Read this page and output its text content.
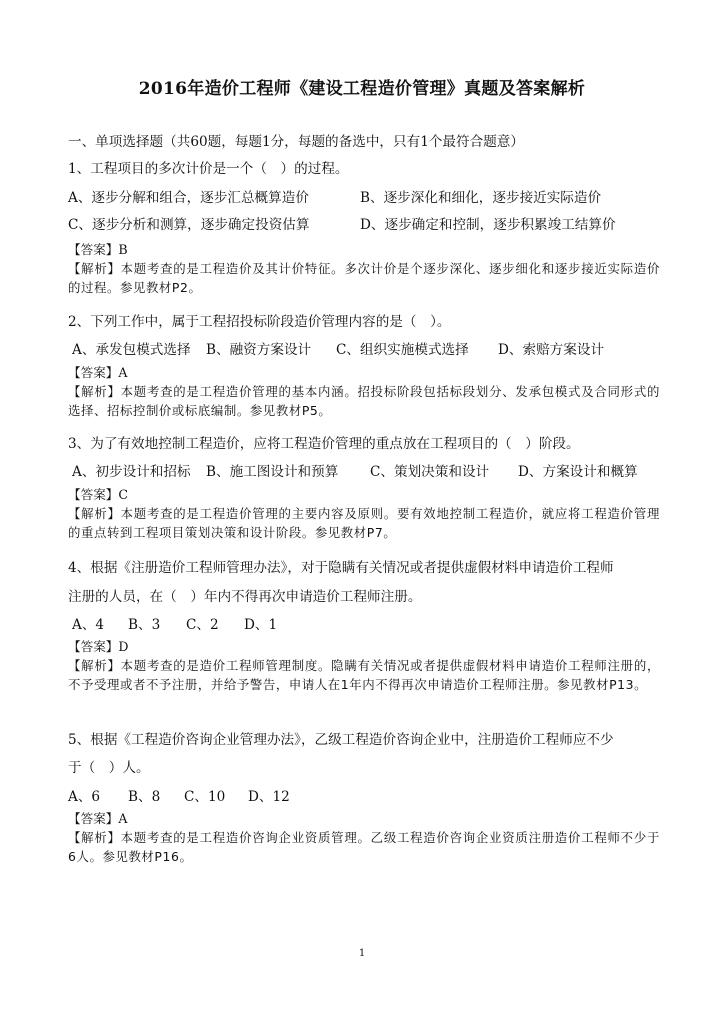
2016年造价工程师《建设工程造价管理》真题及答案解析
一、单项选择题（共60题，每题1分，每题的备选中，只有1个最符合题意）
1、工程项目的多次计价是一个（　）的过程。
A、逐步分解和组合，逐步汇总概算造价	B、逐步深化和细化，逐步接近实际造价
C、逐步分析和测算，逐步确定投资估算	D、逐步确定和控制，逐步积累竣工结算价
【答案】B
【解析】本题考查的是工程造价及其计价特征。多次计价是个逐步深化、逐步细化和逐步接近实际造价的过程。参见教材P2。
2、下列工作中，属于工程招投标阶段造价管理内容的是（　）。
A、承发包模式选择 B、融资方案设计 C、组织实施模式选择 D、索赔方案设计
【答案】A
【解析】本题考查的是工程造价管理的基本内涵。招投标阶段包括标段划分、发承包模式及合同形式的选择、招标控制价或标底编制。参见教材P5。
3、为了有效地控制工程造价，应将工程造价管理的重点放在工程项目的（　）阶段。
A、初步设计和招标 B、施工图设计和预算 C、策划决策和设计 D、方案设计和概算
【答案】C
【解析】本题考查的是工程造价管理的主要内容及原则。要有效地控制工程造价，就应将工程造价管理的重点转到工程项目策划决策和设计阶段。参见教材P7。
4、根据《注册造价工程师管理办法》，对于隐瞒有关情况或者提供虚假材料申请造价工程师
注册的人员，在（　）年内不得再次申请造价工程师注册。
A、4 B、3 C、2 D、1
【答案】D
【解析】本题考查的是造价工程师管理制度。隐瞒有关情况或者提供虚假材料申请造价工程师注册的，不予受理或者不予注册，并给予警告，申请人在1年内不得再次申请造价工程师注册。参见教材P13。
5、根据《工程造价咨询企业管理办法》，乙级工程造价咨询企业中，注册造价工程师应不少
于（　）人。
A、6 B、8 C、10 D、12
【答案】A
【解析】本题考查的是工程造价咨询企业资质管理。乙级工程造价咨询企业资质注册造价工程师不少于6人。参见教材P16。
1
